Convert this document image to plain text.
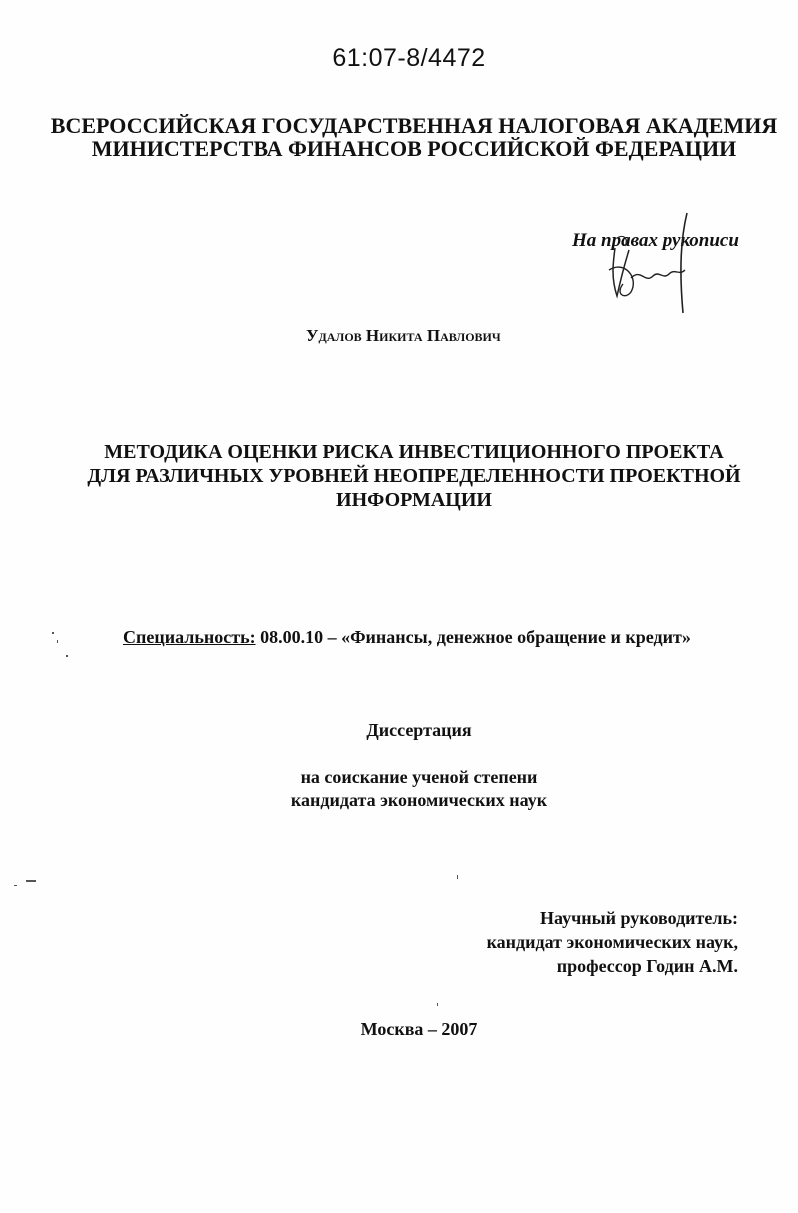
61:07-8/4472
ВСЕРОССИЙСКАЯ ГОСУДАРСТВЕННАЯ НАЛОГОВАЯ АКАДЕМИЯ
МИНИСТЕРСТВА ФИНАНСОВ РОССИЙСКОЙ ФЕДЕРАЦИИ
На правах рукописи
Удалов Никита Павлович
МЕТОДИКА ОЦЕНКИ РИСКА ИНВЕСТИЦИОННОГО ПРОЕКТА
ДЛЯ РАЗЛИЧНЫХ УРОВНЕЙ НЕОПРЕДЕЛЕННОСТИ ПРОЕКТНОЙ
ИНФОРМАЦИИ
Специальность: 08.00.10 – «Финансы, денежное обращение и кредит»
Диссертация
на соискание ученой степени
кандидата экономических наук
Научный руководитель:
кандидат экономических наук,
профессор Годин А.М.
Москва – 2007
